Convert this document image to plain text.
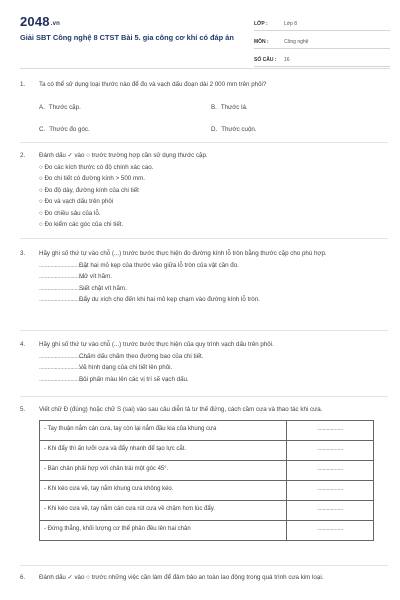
2048.vn
Giải SBT Công nghệ 8 CTST Bài 5. gia công cơ khí có đáp án
LỚP :	Lớp 8
MÔN :	Công nghệ
SỐ CÂU :	16
1.	Ta có thể sử dụng loại thước nào để đo và vạch dấu đoạn dài 2 000 mm trên phôi?
A. Thước cặp.	B. Thước lá.
C. Thước đo góc.	D. Thước cuộn.
2.	Đánh dấu ✓ vào ○ trước trường hợp cần sử dụng thước cặp.
○ Đo các kích thước có độ chính xác cao.
○ Đo chi tiết có đường kính > 500 mm.
○ Đo độ dày, đường kính của chi tiết
○ Đo và vạch dấu trên phôi
○ Đo chiều sâu của lỗ.
○ Đo kiểm các góc của chi tiết.
3.	Hãy ghi số thứ tự vào chỗ (...) trước bước thực hiện đo đường kính lỗ tròn bằng thước cặp cho phù hợp.
..................................
Đặt hai mỏ kẹp của thước vào giữa lỗ tròn của vật cần đo.
..................................
Mở vít hãm.
..................................
Siết chặt vít hãm.
..................................
Đẩy du xích cho đến khi hai mỏ kẹp chạm vào đường kính lỗ tròn.
4.	Hãy ghi số thứ tự vào chỗ (...) trước bước thực hiện của quy trình vạch dấu trên phôi.
..................................
Chấm dấu chấm theo đường bao của chi tiết.
..................................
Vẽ hình dạng của chi tiết lên phôi.
..................................
Bôi phấn màu lên các vị trí sẽ vạch dấu.
5.	Viết chữ Đ (đúng) hoặc chữ S (sai) vào sau câu diễn tả tư thế đứng, cách cầm cưa và thao tác khi cưa.
- Tay thuận nắm cán cưa, tay còn lại nắm đầu kia của khung cưa	...................
- Khi đẩy thì ấn lưỡi cưa và đẩy nhanh để tạo lực cắt.	...................
- Bàn chân phải hợp với chân trái một góc 45°.	...................
- Khi kéo cưa về, tay nắm khung cưa không kéo.	...................
- Khi kéo cưa về, tay nắm cán cưa rút cưa về chậm hơn lúc đẩy.	...................
- Đứng thẳng, khối lượng cơ thể phân đều lên hai chân	...................
6.	Đánh dấu ✓ vào ○ trước những việc cần làm để đảm bảo an toàn lao động trong quá trình cưa kim loại.
